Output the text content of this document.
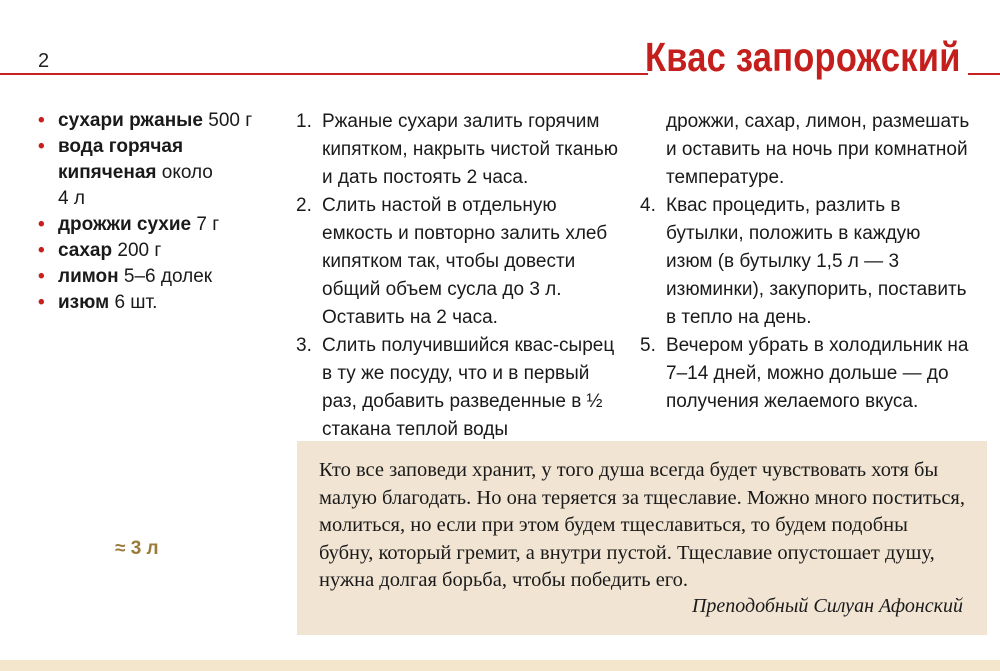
2	Квас запорожский
• сухари ржаные 500 г
• вода горячая кипяченая около 4 л
• дрожжи сухие 7 г
• сахар 200 г
• лимон 5–6 долек
• изюм 6 шт.
1. Ржаные сухари залить горячим кипятком, накрыть чистой тканью и дать постоять 2 часа.
2. Слить настой в отдельную емкость и повторно залить хлеб кипятком так, чтобы довести общий объем сусла до 3 л. Оставить на 2 часа.
3. Слить получившийся квас-сырец в ту же посуду, что и в первый раз, добавить разведенные в ½ стакана теплой воды
дрожжи, сахар, лимон, размешать и оставить на ночь при комнатной температуре.
4. Квас процедить, разлить в бутылки, положить в каждую изюм (в бутылку 1,5 л — 3 изюминки), закупорить, поставить в тепло на день.
5. Вечером убрать в холодильник на 7–14 дней, можно дольше — до получения желаемого вкуса.
≈ 3 л
Кто все заповеди хранит, у того душа всегда будет чувствовать хотя бы малую благодать. Но она теряется за тщеславие. Можно много поститься, молиться, но если при этом будем тщеславиться, то будем подобны бубну, который гремит, а внутри пустой. Тщеславие опустошает душу, нужна долгая борьба, чтобы победить его.
Преподобный Силуан Афонский
